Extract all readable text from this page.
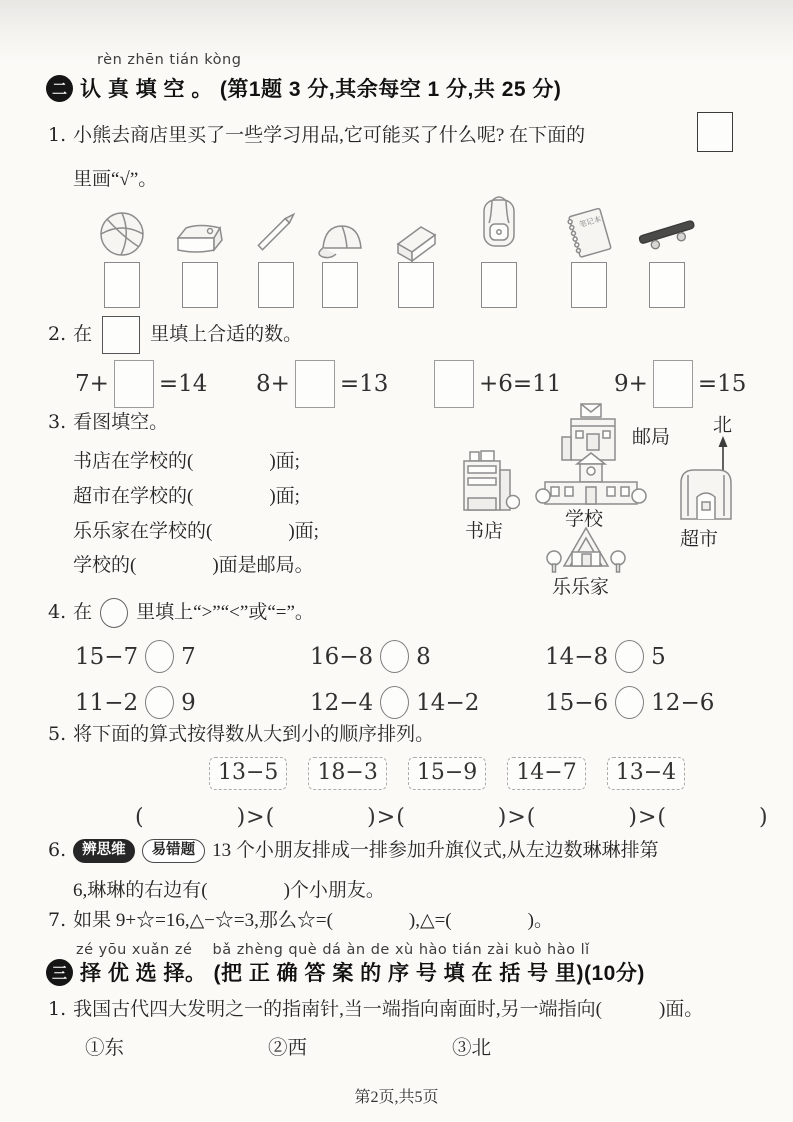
rèn zhēn tián kòng
二 认 真 填 空 。 (第1题 3 分,其余每空 1 分,共 25 分)
1. 小熊去商店里买了一些学习用品,它可能买了什么呢? 在下面的
里画“√”。
笔记本
2. 在	里填上合适的数。
7+ =14 8+ =13	+6=11 9+ =15
3. 看图填空。
书店在学校的(　　　　)面;
超市在学校的(　　　　)面;
乐乐家在学校的(　　　　)面;
学校的(　　　　)面是邮局。
邮局
北
书店
学校
超市
乐乐家
4. 在 里填上“>”“<”或“=”。
15−7 7	16−8 8	14−8 5
11−2 9	12−4 14−2	15−6 12−6
5. 将下面的算式按得数从大到小的顺序排列。
13−5	18−3	15−9	14−7	13−4
(　　　　)>(　　　　)>(　　　　)>(　　　　)>(　　　　)
6.	辨思维	易错题 13 个小朋友排成一排参加升旗仪式,从左边数琳琳排第
6,琳琳的右边有(　　　　)个小朋友。
7. 如果 9+☆=16,△−☆=3,那么☆=(　　　　),△=(　　　　)。
zé yōu xuǎn zé　 bǎ zhèng què dá àn de xù hào tián zài kuò hào lǐ
三 择 优 选 择。 (把 正 确 答 案 的 序 号 填 在 括 号 里)(10分)
1. 我国古代四大发明之一的指南针,当一端指向南面时,另一端指向(　　　)面。
①东	②西	③北
第2页,共5页
